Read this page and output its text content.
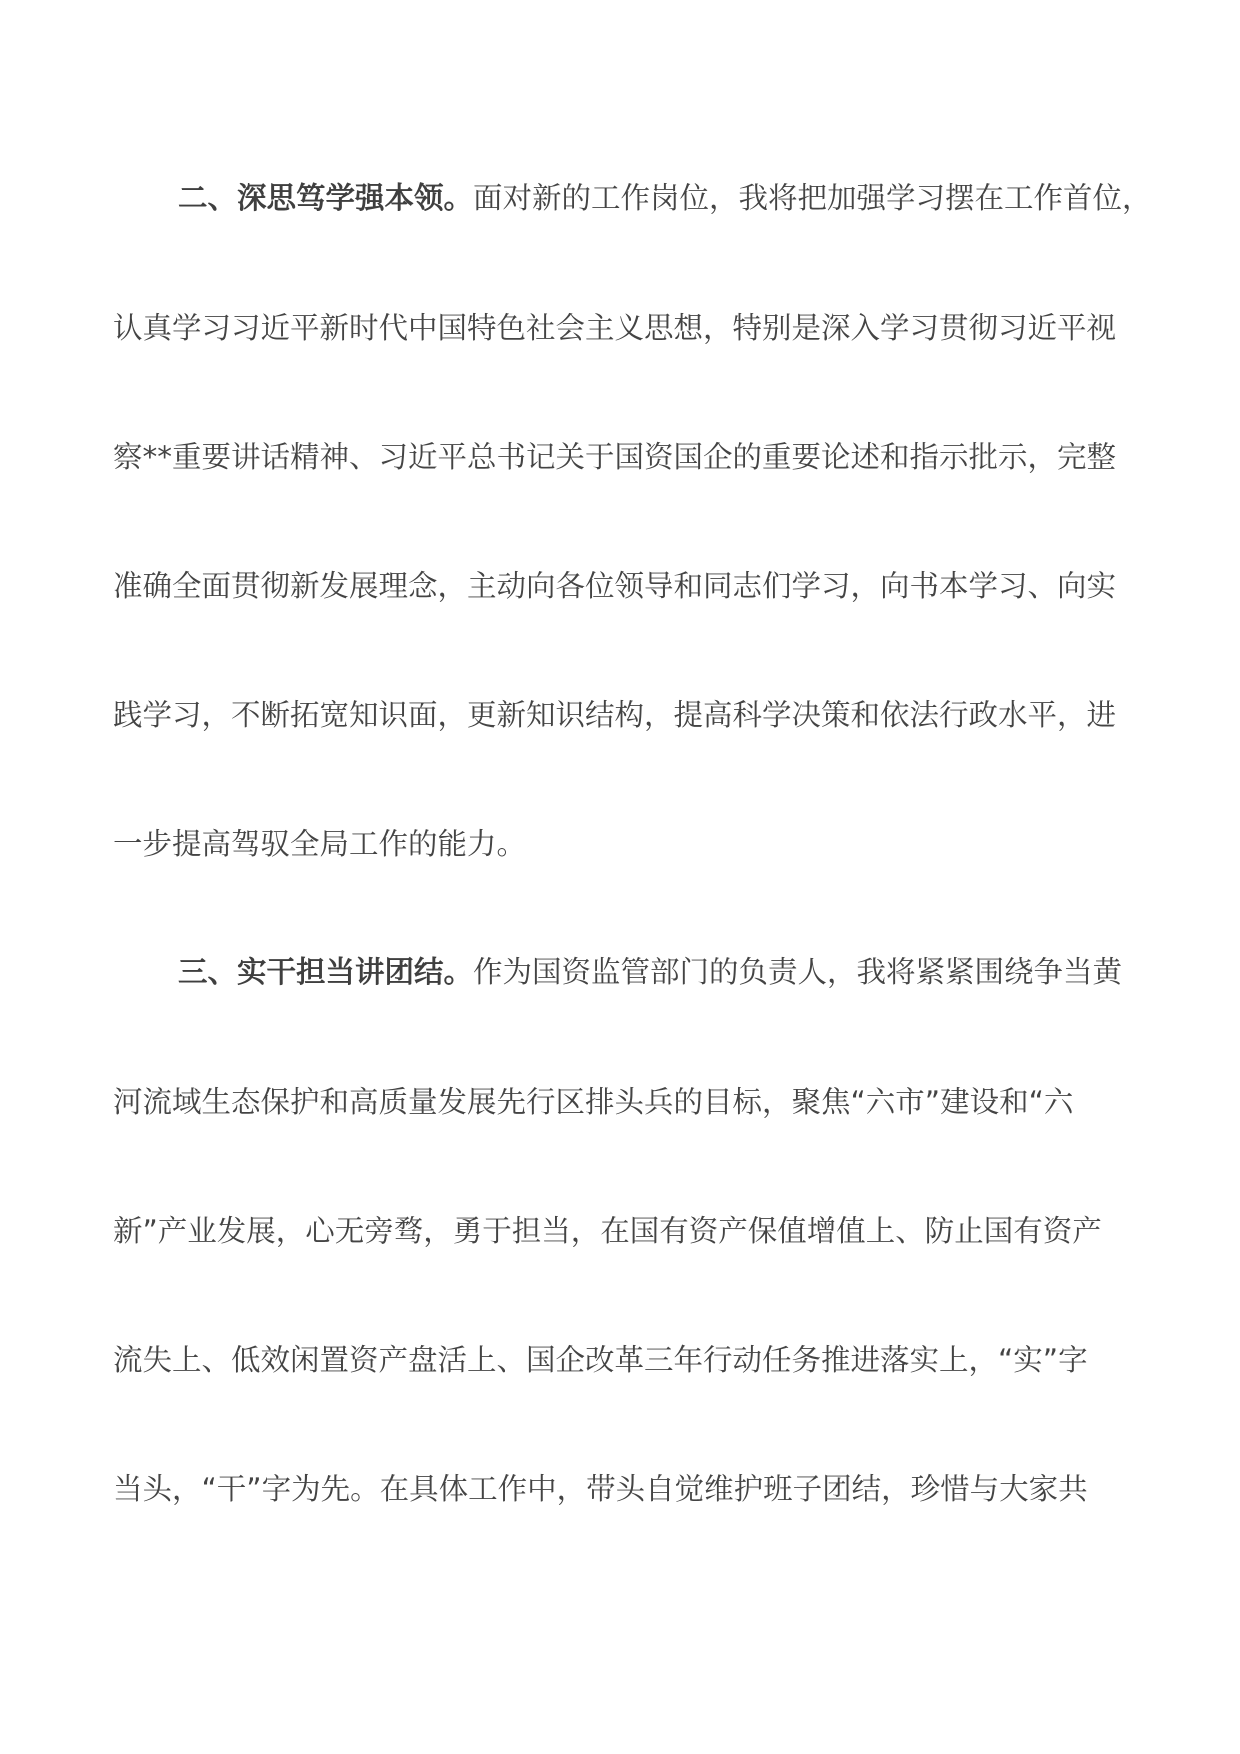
二、深思笃学强本领。面对新的工作岗位，我将把加强学习摆在工作首位，
认真学习习近平新时代中国特色社会主义思想，特别是深入学习贯彻习近平视
察**重要讲话精神、习近平总书记关于国资国企的重要论述和指示批示，完整
准确全面贯彻新发展理念，主动向各位领导和同志们学习，向书本学习、向实
践学习，不断拓宽知识面，更新知识结构，提高科学决策和依法行政水平，进
一步提高驾驭全局工作的能力。
三、实干担当讲团结。作为国资监管部门的负责人，我将紧紧围绕争当黄
河流域生态保护和高质量发展先行区排头兵的目标，聚焦“六市”建设和“六
新”产业发展，心无旁骛，勇于担当，在国有资产保值增值上、防止国有资产
流失上、低效闲置资产盘活上、国企改革三年行动任务推进落实上，“实”字
当头，“干”字为先。在具体工作中，带头自觉维护班子团结，珍惜与大家共
